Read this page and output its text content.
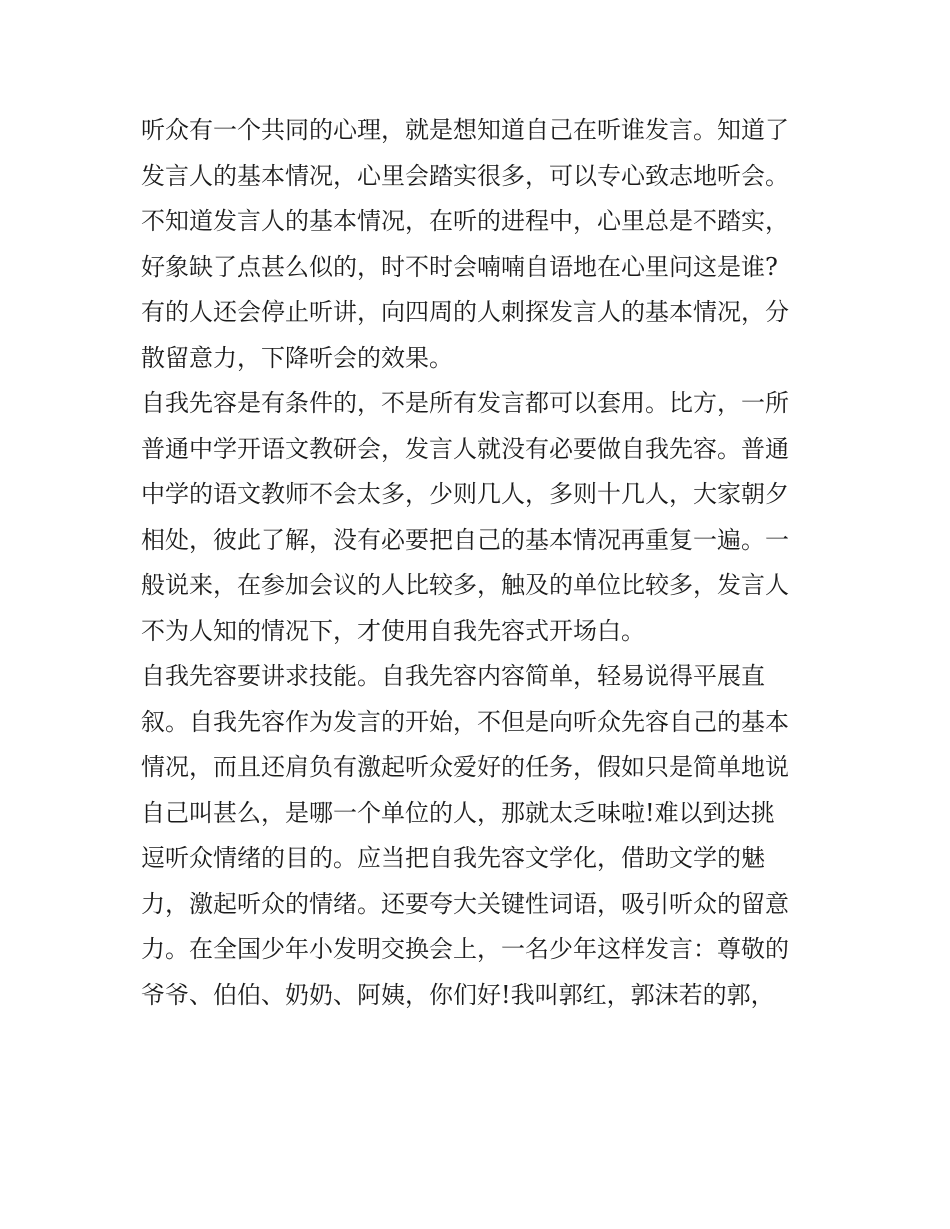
听众有一个共同的心理，就是想知道自己在听谁发言。知道了
发言人的基本情况，心里会踏实很多，可以专心致志地听会。
不知道发言人的基本情况，在听的进程中，心里总是不踏实，
好象缺了点甚么似的，时不时会喃喃自语地在心里问这是谁?
有的人还会停止听讲，向四周的人刺探发言人的基本情况，分
散留意力，下降听会的效果。
自我先容是有条件的，不是所有发言都可以套用。比方，一所
普通中学开语文教研会，发言人就没有必要做自我先容。普通
中学的语文教师不会太多，少则几人，多则十几人，大家朝夕
相处，彼此了解，没有必要把自己的基本情况再重复一遍。一
般说来，在参加会议的人比较多，触及的单位比较多，发言人
不为人知的情况下，才使用自我先容式开场白。
自我先容要讲求技能。自我先容内容简单，轻易说得平展直
叙。自我先容作为发言的开始，不但是向听众先容自己的基本
情况，而且还肩负有激起听众爱好的任务，假如只是简单地说
自己叫甚么，是哪一个单位的人，那就太乏味啦!难以到达挑
逗听众情绪的目的。应当把自我先容文学化，借助文学的魅
力，激起听众的情绪。还要夸大关键性词语，吸引听众的留意
力。在全国少年小发明交换会上，一名少年这样发言：尊敬的
爷爷、伯伯、奶奶、阿姨，你们好!我叫郭红，郭沫若的郭，
